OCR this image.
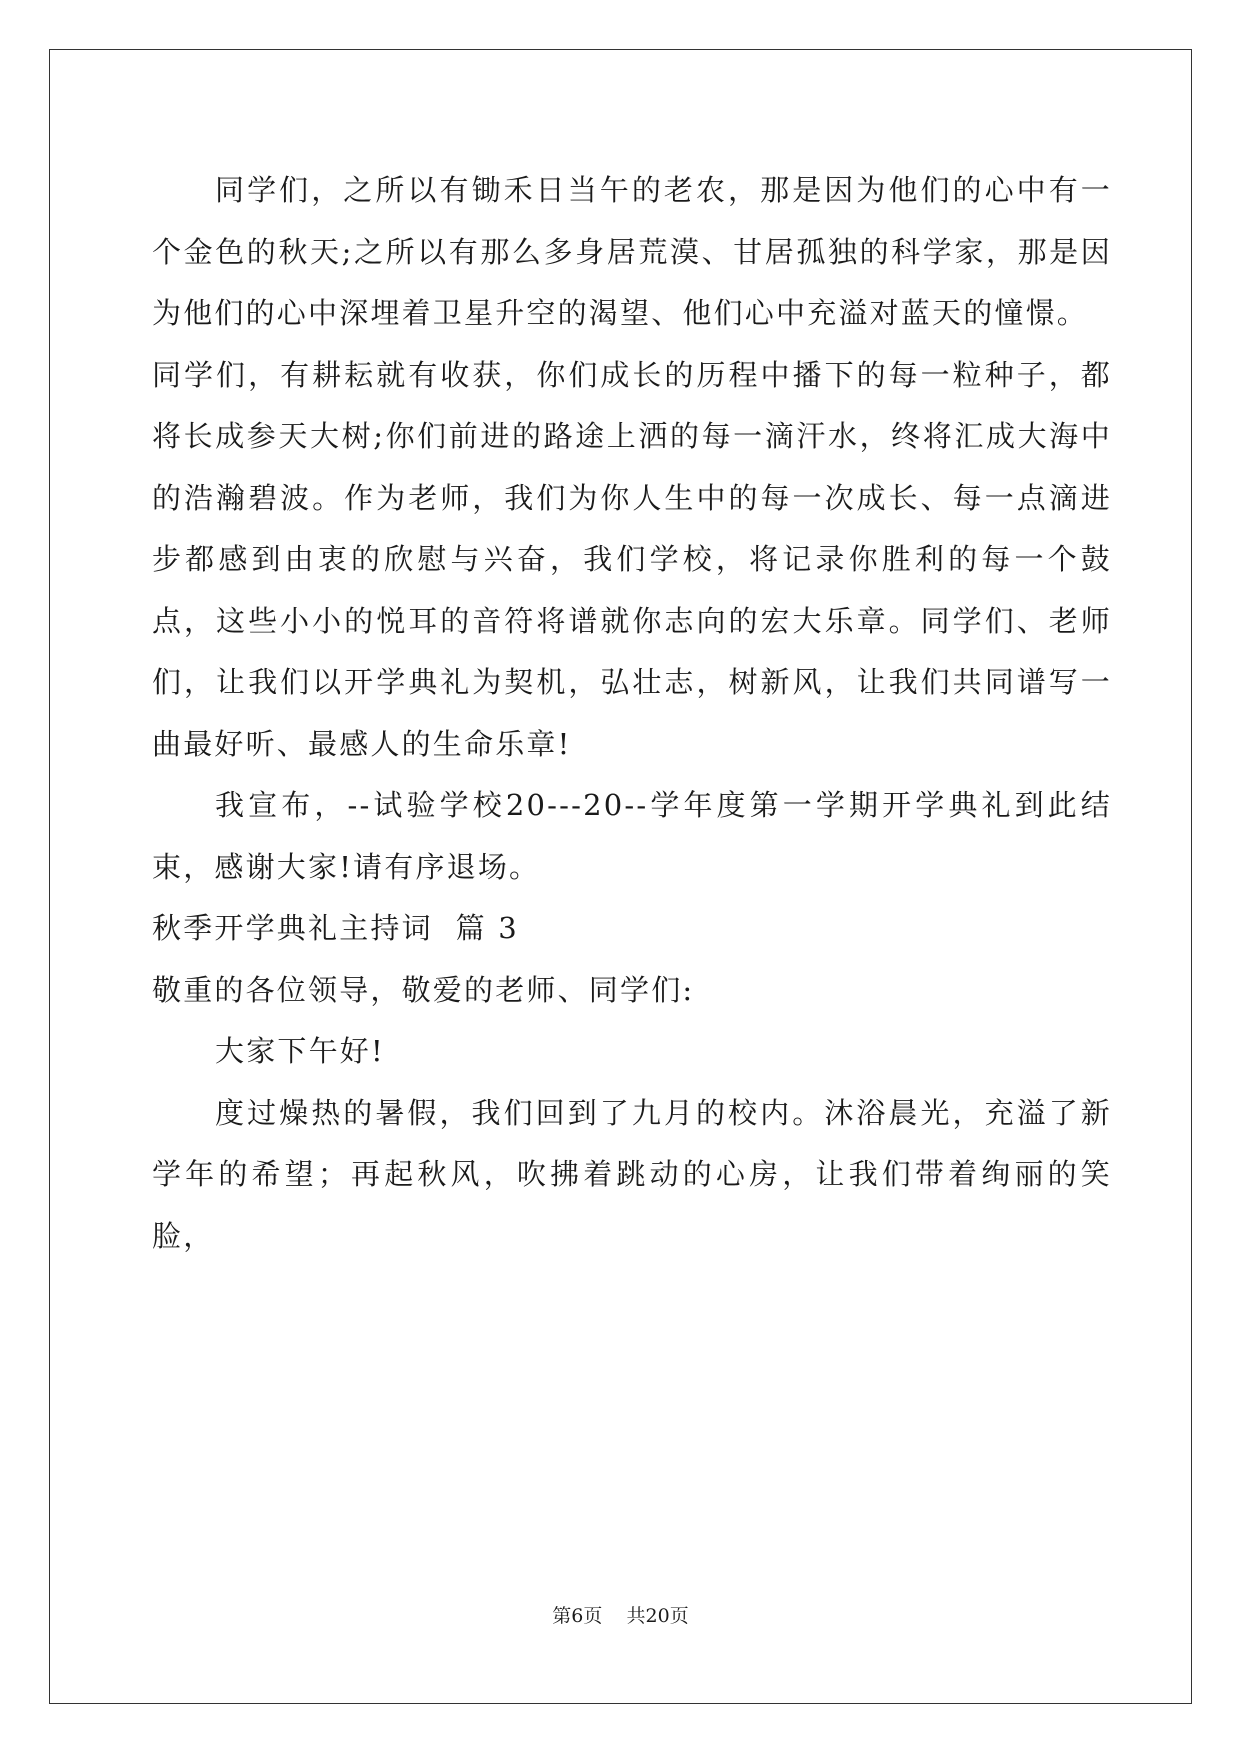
同学们，之所以有锄禾日当午的老农，那是因为他们的心中有一个金色的秋天;之所以有那么多身居荒漠、甘居孤独的科学家，那是因为他们的心中深埋着卫星升空的渴望、他们心中充溢对蓝天的憧憬。

同学们，有耕耘就有收获，你们成长的历程中播下的每一粒种子，都将长成参天大树;你们前进的路途上洒的每一滴汗水，终将汇成大海中的浩瀚碧波。作为老师，我们为你人生中的每一次成长、每一点滴进步都感到由衷的欣慰与兴奋，我们学校，将记录你胜利的每一个鼓点，这些小小的悦耳的音符将谱就你志向的宏大乐章。同学们、老师们，让我们以开学典礼为契机，弘壮志，树新风，让我们共同谱写一曲最好听、最感人的生命乐章!

我宣布，--试验学校20---20--学年度第一学期开学典礼到此结束，感谢大家!请有序退场。

秋季开学典礼主持词  篇 3

敬重的各位领导，敬爱的老师、同学们:

大家下午好!

度过燥热的暑假，我们回到了九月的校内。沐浴晨光，充溢了新学年的希望；再起秋风，吹拂着跳动的心房，让我们带着绚丽的笑脸，

第6页    共20页
